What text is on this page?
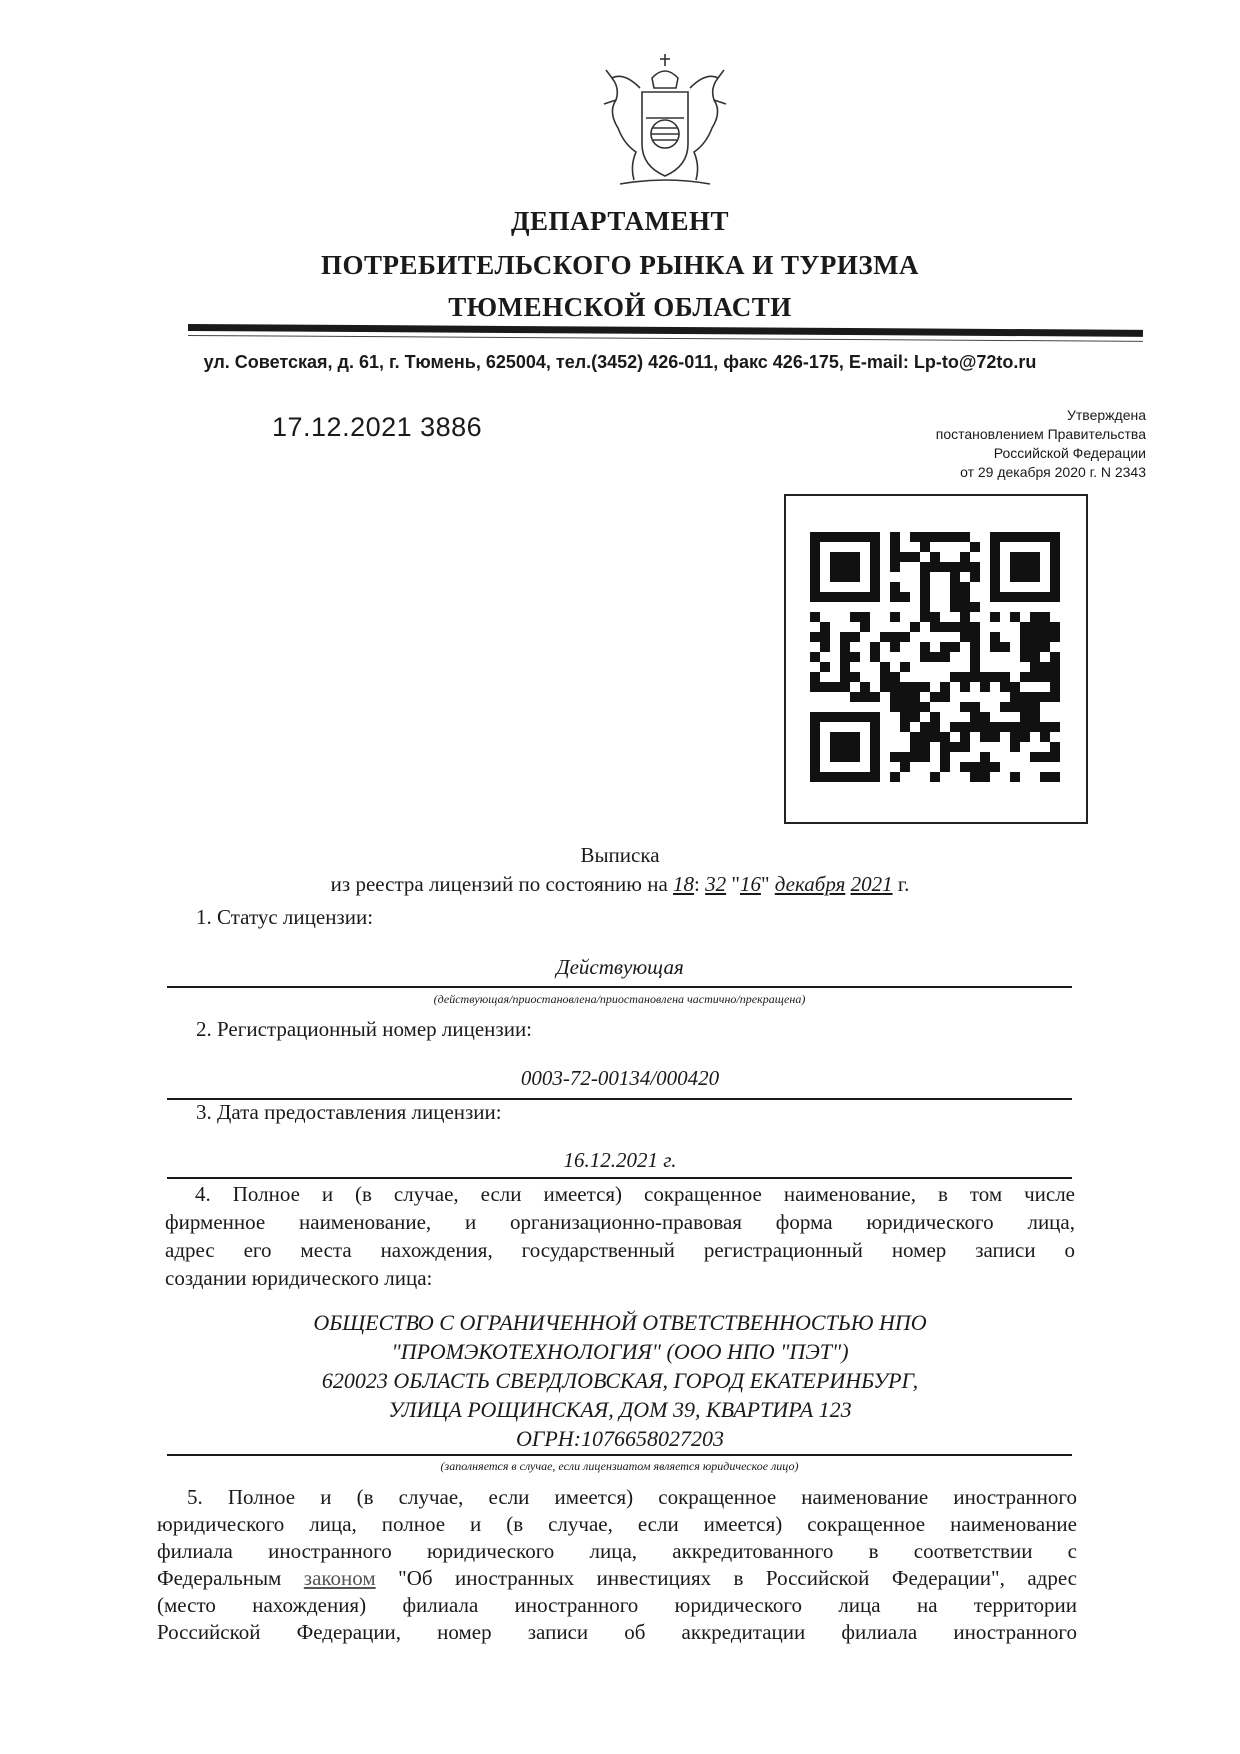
ДЕПАРТАМЕНТ
ПОТРЕБИТЕЛЬСКОГО РЫНКА И ТУРИЗМА
ТЮМЕНСКОЙ ОБЛАСТИ
ул. Советская, д. 61, г. Тюмень, 625004, тел.(3452) 426-011, факс 426-175, E-mail: Lp-to@72to.ru
17.12.2021 3886	Утверждена
постановлением Правительства
Российской Федерации
от 29 декабря 2020 г. N 2343
Выписка
из реестра лицензий по состоянию на 18: 32 "16" декабря 2021 г.
1. Статус лицензии:
Действующая
(действующая/приостановлена/приостановлена частично/прекращена)
2. Регистрационный номер лицензии:
0003-72-00134/000420
3. Дата предоставления лицензии:
16.12.2021 г.
4. Полное и (в случае, если имеется) сокращенное наименование, в том числе
фирменное наименование, и организационно-правовая форма юридического лица,
адрес его места нахождения, государственный регистрационный номер записи о
создании юридического лица:
ОБЩЕСТВО С ОГРАНИЧЕННОЙ ОТВЕТСТВЕННОСТЬЮ НПО
"ПРОМЭКОТЕХНОЛОГИЯ" (ООО НПО "ПЭТ")
620023 ОБЛАСТЬ СВЕРДЛОВСКАЯ, ГОРОД ЕКАТЕРИНБУРГ,
УЛИЦА РОЩИНСКАЯ, ДОМ 39, КВАРТИРА 123
ОГРН:1076658027203
(заполняется в случае, если лицензиатом является юридическое лицо)
5. Полное и (в случае, если имеется) сокращенное наименование иностранного
юридического лица, полное и (в случае, если имеется) сокращенное наименование
филиала иностранного юридического лица, аккредитованного в соответствии с
Федеральным законом "Об иностранных инвестициях в Российской Федерации", адрес
(место нахождения) филиала иностранного юридического лица на территории
Российской Федерации, номер записи об аккредитации филиала иностранного
